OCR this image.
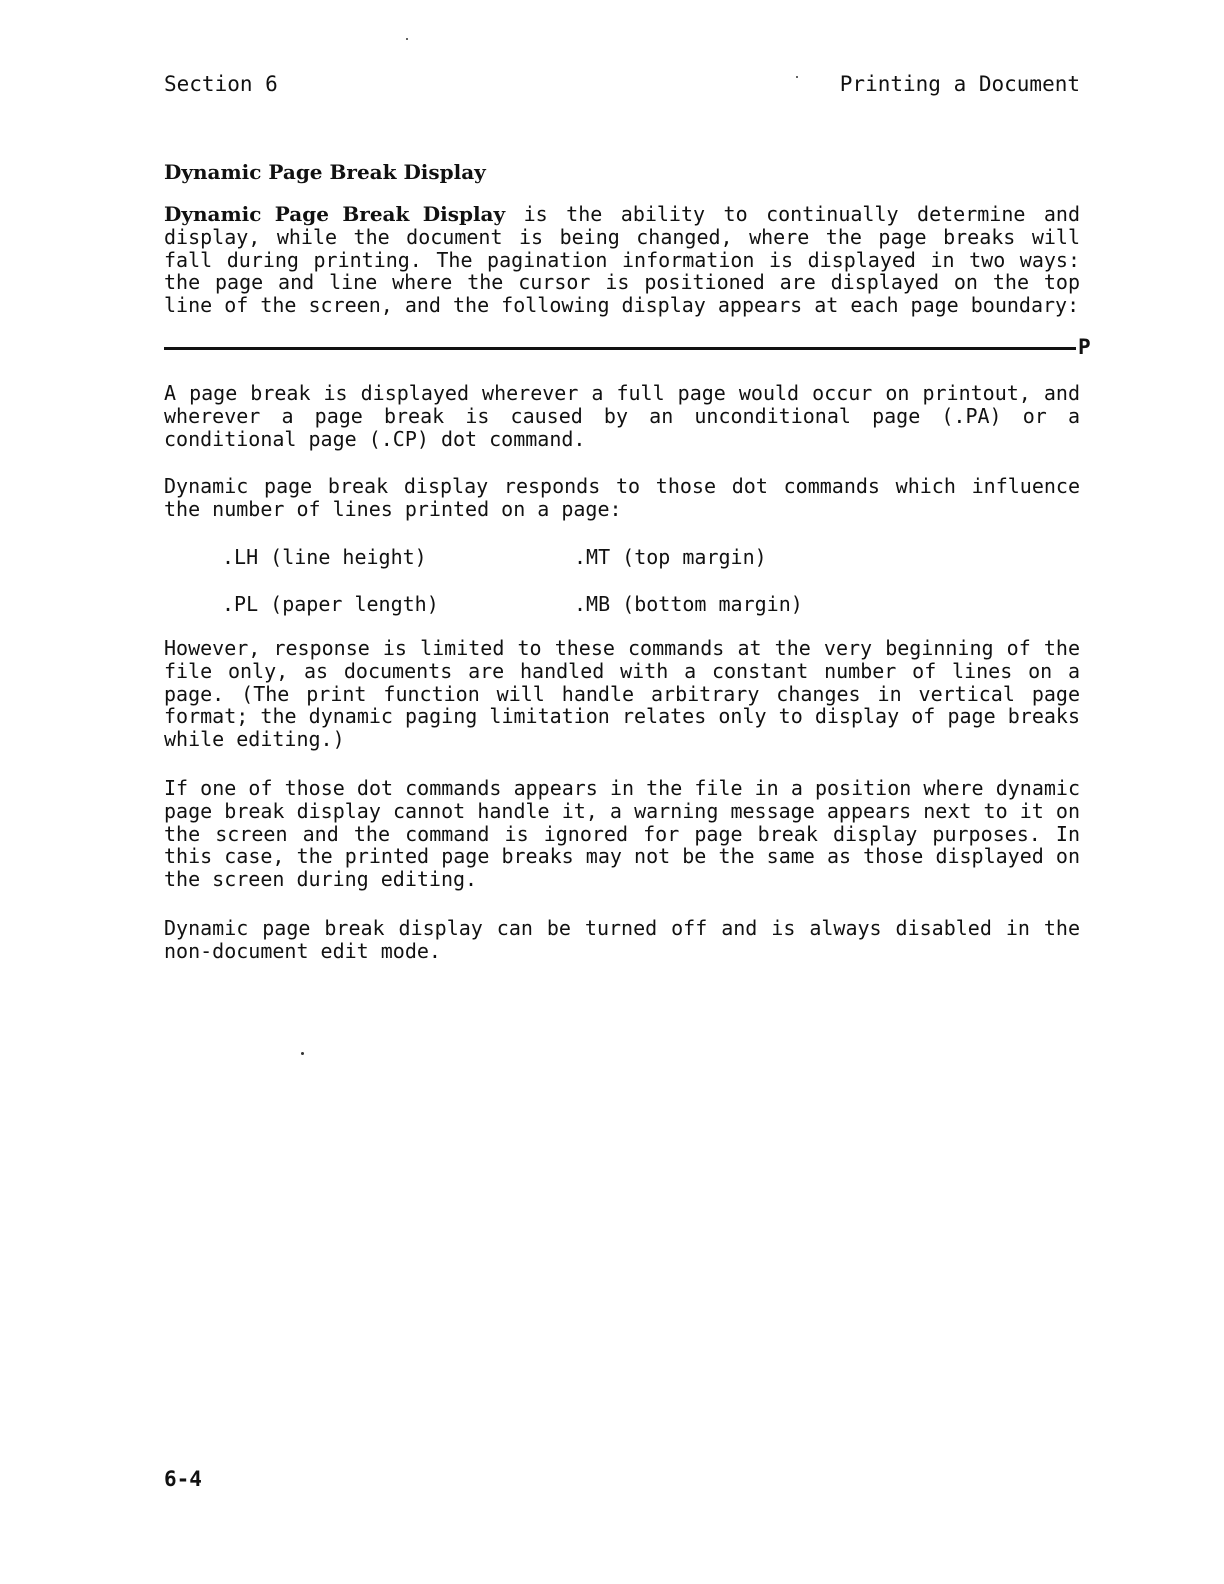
Section 6	Printing a Document
Dynamic Page Break Display

Dynamic Page Break Display is the ability to continually determine and display, while the document is being changed, where the page breaks will fall during printing. The pagination information is displayed in two ways: the page and line where the cursor is positioned are displayed on the top line of the screen, and the following display appears at each page boundary:

P

A page break is displayed wherever a full page would occur on printout, and wherever a page break is caused by an unconditional page (.PA) or a conditional page (.CP) dot command.

Dynamic page break display responds to those dot commands which influence the number of lines printed on a page:

.LH (line height)	.MT (top margin)
.PL (paper length)	.MB (bottom margin)

However, response is limited to these commands at the very beginning of the file only, as documents are handled with a constant number of lines on a page. (The print function will handle arbitrary changes in vertical page format; the dynamic paging limitation relates only to display of page breaks while editing.)

If one of those dot commands appears in the file in a position where dynamic page break display cannot handle it, a warning message appears next to it on the screen and the command is ignored for page break display purposes. In this case, the printed page breaks may not be the same as those displayed on the screen during editing.

Dynamic page break display can be turned off and is always disabled in the non-document edit mode.

6-4
